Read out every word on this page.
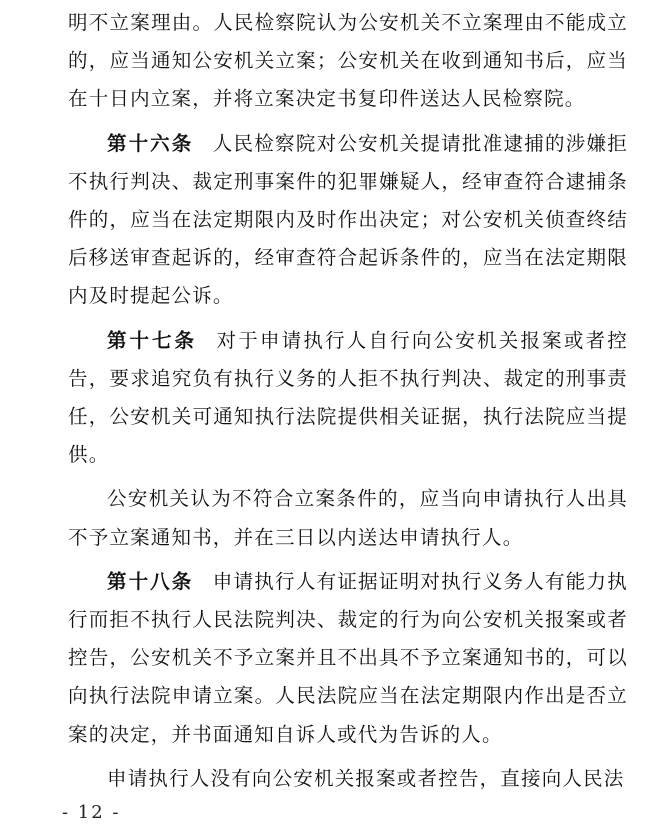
明不立案理由。人民检察院认为公安机关不立案理由不能成立的，应当通知公安机关立案；公安机关在收到通知书后，应当在十日内立案，并将立案决定书复印件送达人民检察院。

第十六条 人民检察院对公安机关提请批准逮捕的涉嫌拒不执行判决、裁定刑事案件的犯罪嫌疑人，经审查符合逮捕条件的，应当在法定期限内及时作出决定；对公安机关侦查终结后移送审查起诉的，经审查符合起诉条件的，应当在法定期限内及时提起公诉。

第十七条 对于申请执行人自行向公安机关报案或者控告，要求追究负有执行义务的人拒不执行判决、裁定的刑事责任，公安机关可通知执行法院提供相关证据，执行法院应当提供。

公安机关认为不符合立案条件的，应当向申请执行人出具不予立案通知书，并在三日以内送达申请执行人。

第十八条 申请执行人有证据证明对执行义务人有能力执行而拒不执行人民法院判决、裁定的行为向公安机关报案或者控告，公安机关不予立案并且不出具不予立案通知书的，可以向执行法院申请立案。人民法院应当在法定期限内作出是否立案的决定，并书面通知自诉人或代为告诉的人。

申请执行人没有向公安机关报案或者控告，直接向人民法

- 12 -
